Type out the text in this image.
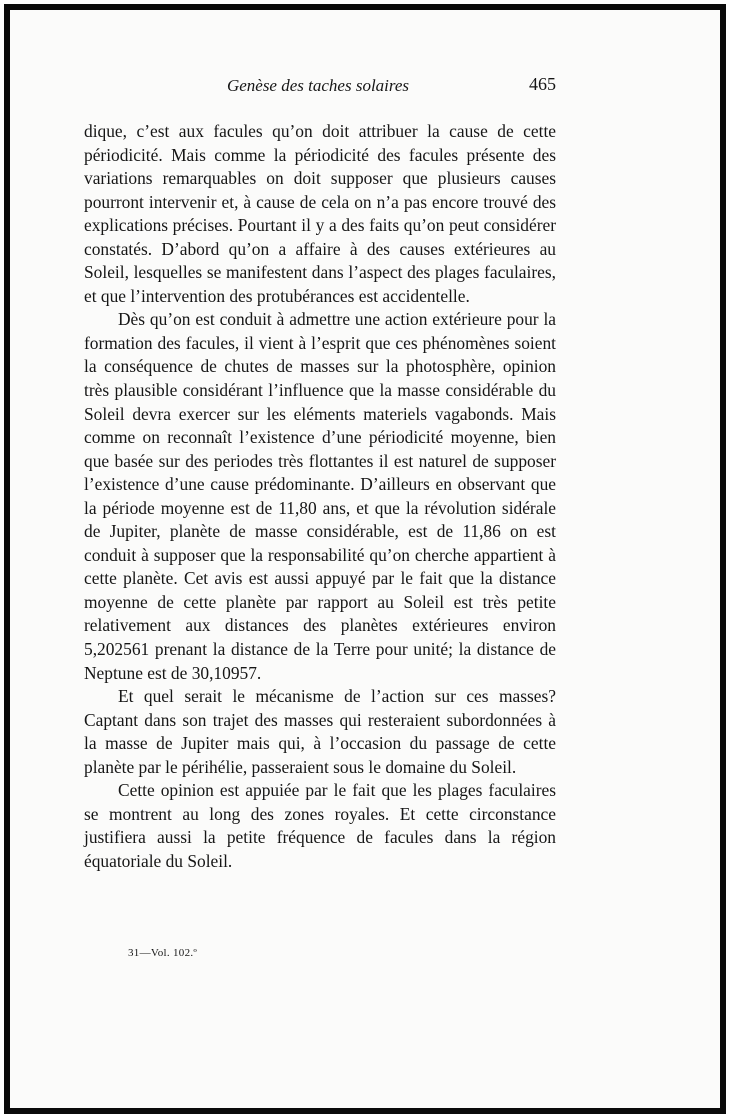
Genèse des taches solaires	465

dique, c’est aux facules qu’on doit attribuer la cause de cette périodicité. Mais comme la périodicité des facules présente des variations remarquables on doit supposer que plusieurs causes pourront intervenir et, à cause de cela on n’a pas encore trouvé des explications précises. Pourtant il y a des faits qu’on peut considérer constatés. D’abord qu’on a affaire à des causes extérieures au Soleil, lesquelles se manifestent dans l’aspect des plages faculaires, et que l’intervention des protubérances est accidentelle.

Dès qu’on est conduit à admettre une action extérieure pour la formation des facules, il vient à l’esprit que ces phénomènes soient la conséquence de chutes de masses sur la photosphère, opinion très plausible considérant l’influence que la masse considérable du Soleil devra exercer sur les eléments materiels vagabonds. Mais comme on reconnaît l’existence d’une périodicité moyenne, bien que basée sur des periodes très flottantes il est naturel de supposer l’existence d’une cause prédominante. D’ailleurs en observant que la période moyenne est de 11,80 ans, et que la révolution sidérale de Jupiter, planète de masse considérable, est de 11,86 on est conduit à supposer que la responsabilité qu’on cherche appartient à cette planète. Cet avis est aussi appuyé par le fait que la distance moyenne de cette planète par rapport au Soleil est très petite relativement aux distances des planètes extérieures environ 5,202561 prenant la distance de la Terre pour unité; la distance de Neptune est de 30,10957.

Et quel serait le mécanisme de l’action sur ces masses? Captant dans son trajet des masses qui resteraient subordonnées à la masse de Jupiter mais qui, à l’occasion du passage de cette planète par le périhélie, passeraient sous le domaine du Soleil.

Cette opinion est appuiée par le fait que les plages faculaires se montrent au long des zones royales. Et cette circonstance justifiera aussi la petite fréquence de facules dans la région équatoriale du Soleil.

31—Vol. 102.º
